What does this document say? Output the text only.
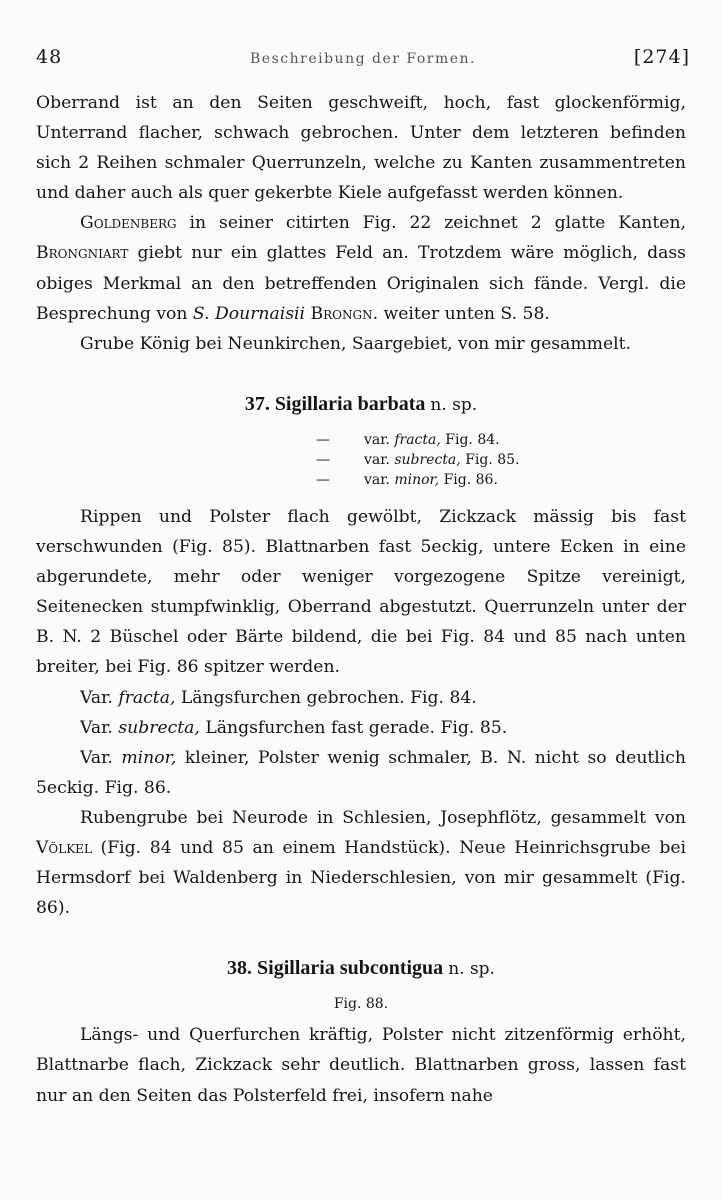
48	Beschreibung der Formen.	[274]

Oberrand ist an den Seiten geschweift, hoch, fast glockenförmig, Unterrand flacher, schwach gebrochen. Unter dem letzteren befinden sich 2 Reihen schmaler Querrunzeln, welche zu Kanten zusammentreten und daher auch als quer gekerbte Kiele aufgefasst werden können.

Goldenberg in seiner citirten Fig. 22 zeichnet 2 glatte Kanten, Brongniart giebt nur ein glattes Feld an. Trotzdem wäre möglich, dass obiges Merkmal an den betreffenden Originalen sich fände. Vergl. die Besprechung von S. Dournaisii Brongn. weiter unten S. 58.

Grube König bei Neunkirchen, Saargebiet, von mir gesammelt.

37. Sigillaria barbata n. sp.
— var. fracta, Fig. 84.
— var. subrecta, Fig. 85.
— var. minor, Fig. 86.

Rippen und Polster flach gewölbt, Zickzack mässig bis fast verschwunden (Fig. 85). Blattnarben fast 5eckig, untere Ecken in eine abgerundete, mehr oder weniger vorgezogene Spitze vereinigt, Seitenecken stumpfwinklig, Oberrand abgestutzt. Querrunzeln unter der B. N. 2 Büschel oder Bärte bildend, die bei Fig. 84 und 85 nach unten breiter, bei Fig. 86 spitzer werden.

Var. fracta, Längsfurchen gebrochen. Fig. 84.

Var. subrecta, Längsfurchen fast gerade. Fig. 85.

Var. minor, kleiner, Polster wenig schmaler, B. N. nicht so deutlich 5eckig. Fig. 86.

Rubengrube bei Neurode in Schlesien, Josephflötz, gesammelt von Völkel (Fig. 84 und 85 an einem Handstück). Neue Heinrichsgrube bei Hermsdorf bei Waldenberg in Niederschlesien, von mir gesammelt (Fig. 86).

38. Sigillaria subcontigua n. sp.
Fig. 88.

Längs- und Querfurchen kräftig, Polster nicht zitzenförmig erhöht, Blattnarbe flach, Zickzack sehr deutlich. Blattnarben gross, lassen fast nur an den Seiten das Polsterfeld frei, insofern nahe
